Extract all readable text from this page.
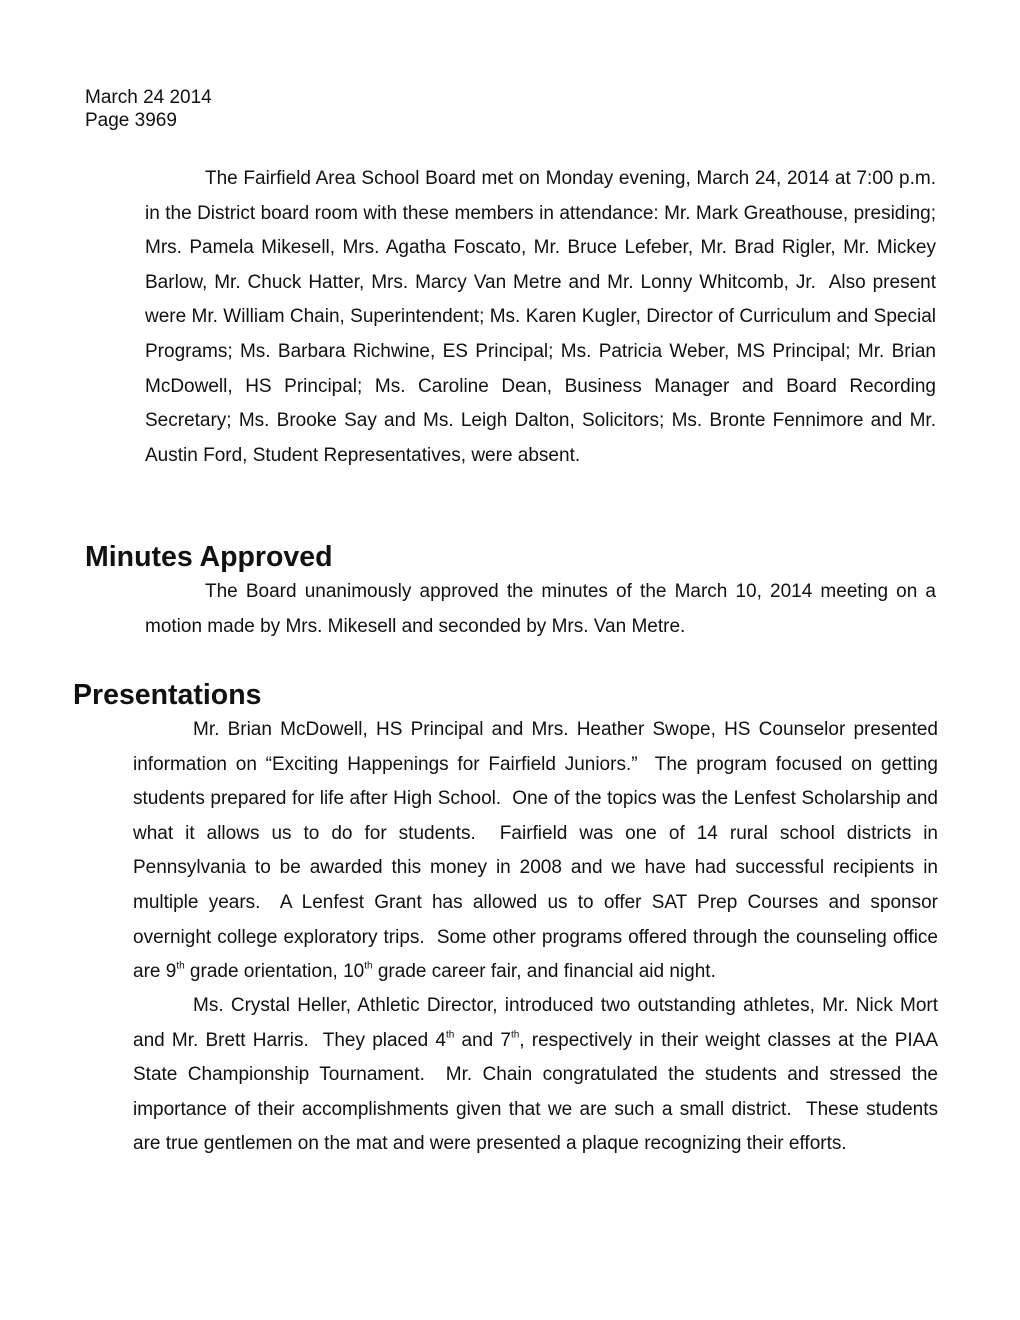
March 24 2014
Page 3969

The Fairfield Area School Board met on Monday evening, March 24, 2014 at 7:00 p.m. in the District board room with these members in attendance: Mr. Mark Greathouse, presiding; Mrs. Pamela Mikesell, Mrs. Agatha Foscato, Mr. Bruce Lefeber, Mr. Brad Rigler, Mr. Mickey Barlow, Mr. Chuck Hatter, Mrs. Marcy Van Metre and Mr. Lonny Whitcomb, Jr.  Also present were Mr. William Chain, Superintendent; Ms. Karen Kugler, Director of Curriculum and Special Programs; Ms. Barbara Richwine, ES Principal; Ms. Patricia Weber, MS Principal; Mr. Brian McDowell, HS Principal; Ms. Caroline Dean, Business Manager and Board Recording Secretary; Ms. Brooke Say and Ms. Leigh Dalton, Solicitors; Ms. Bronte Fennimore and Mr. Austin Ford, Student Representatives, were absent.

Minutes Approved

The Board unanimously approved the minutes of the March 10, 2014 meeting on a motion made by Mrs. Mikesell and seconded by Mrs. Van Metre.

Presentations

Mr. Brian McDowell, HS Principal and Mrs. Heather Swope, HS Counselor presented information on “Exciting Happenings for Fairfield Juniors.”  The program focused on getting students prepared for life after High School.  One of the topics was the Lenfest Scholarship and what it allows us to do for students.  Fairfield was one of 14 rural school districts in Pennsylvania to be awarded this money in 2008 and we have had successful recipients in multiple years.  A Lenfest Grant has allowed us to offer SAT Prep Courses and sponsor overnight college exploratory trips.  Some other programs offered through the counseling office are 9th grade orientation, 10th grade career fair, and financial aid night.

Ms. Crystal Heller, Athletic Director, introduced two outstanding athletes, Mr. Nick Mort and Mr. Brett Harris.  They placed 4th and 7th, respectively in their weight classes at the PIAA State Championship Tournament.  Mr. Chain congratulated the students and stressed the importance of their accomplishments given that we are such a small district.  These students are true gentlemen on the mat and were presented a plaque recognizing their efforts.
